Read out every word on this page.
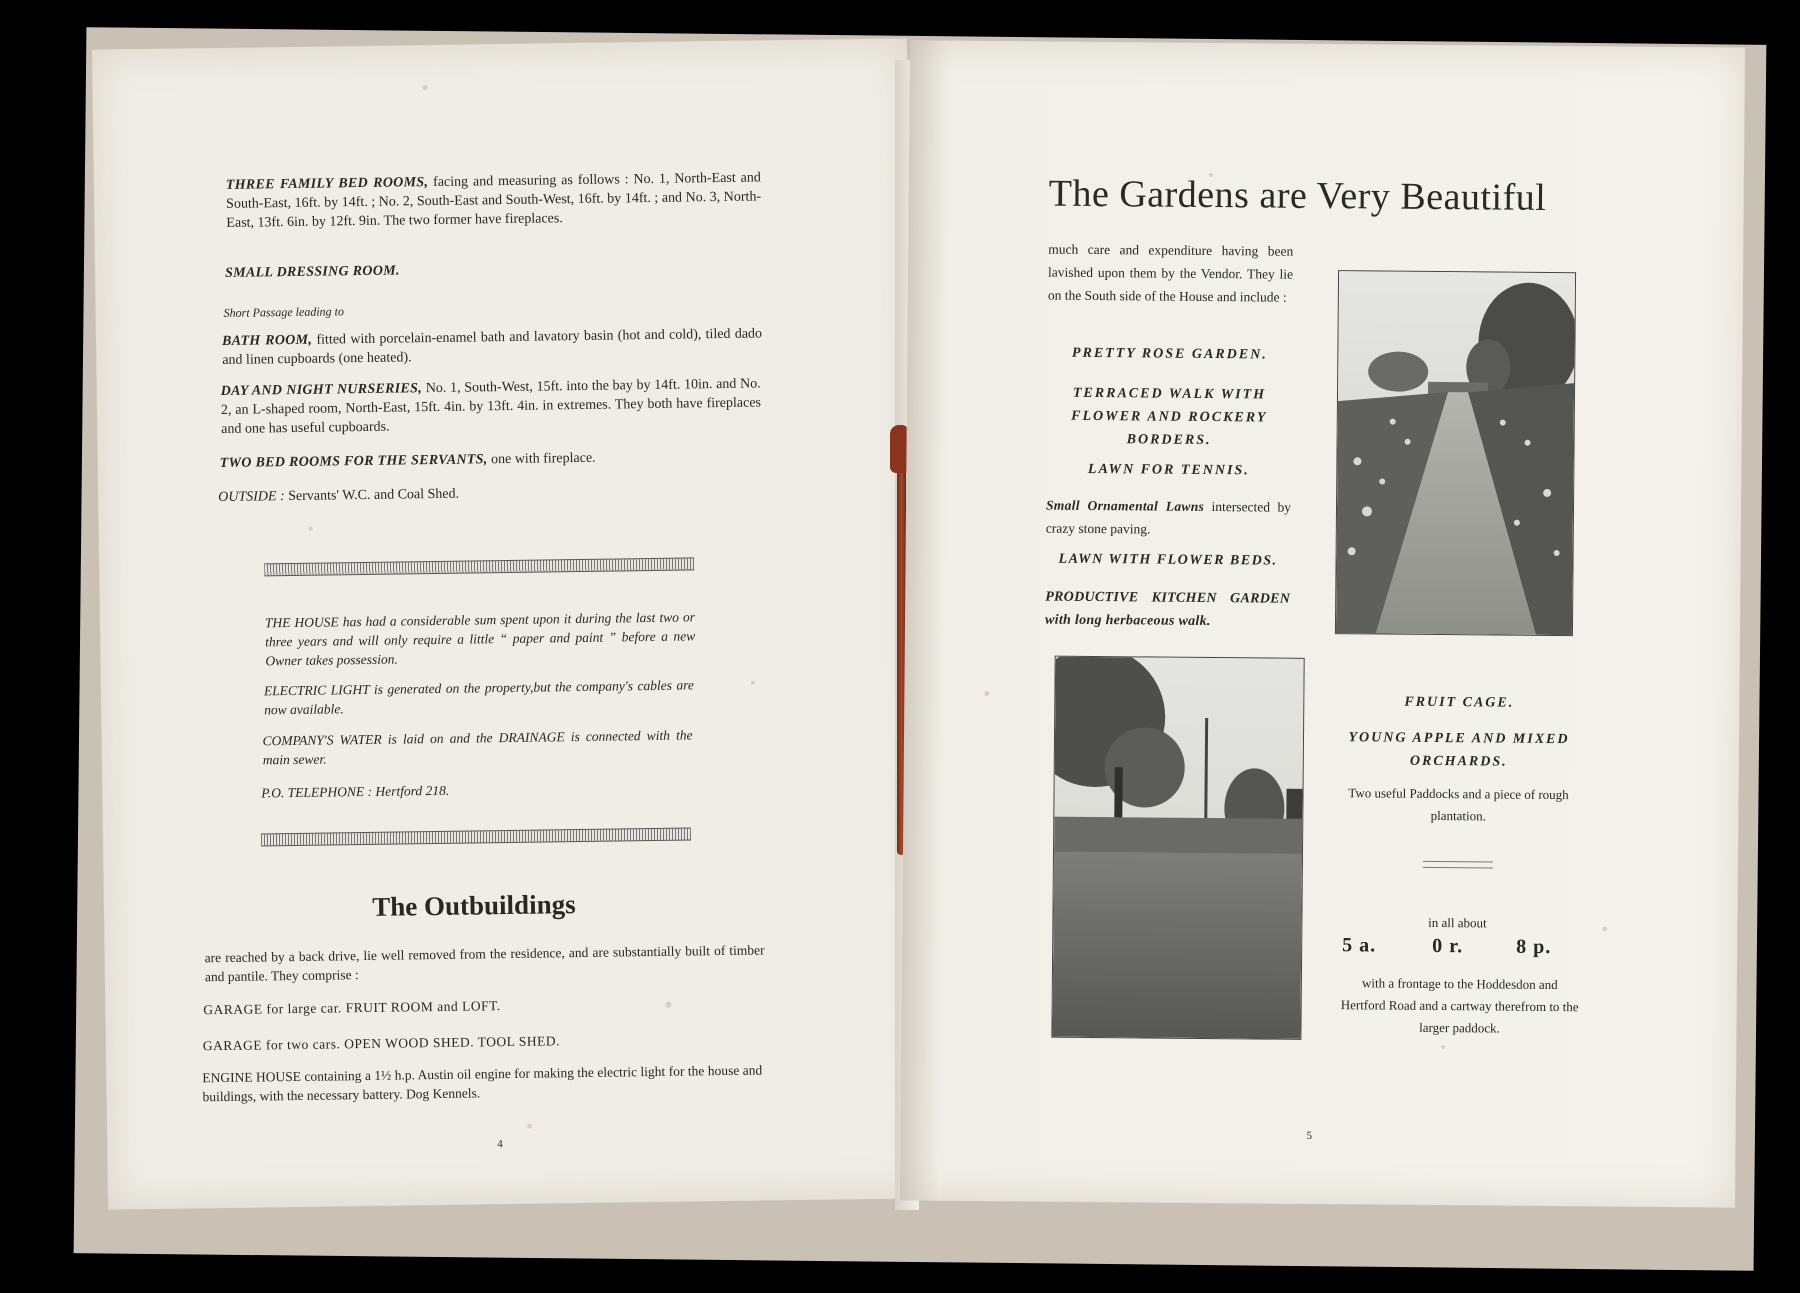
THREE FAMILY BED ROOMS, facing and measuring as follows : No. 1, North-East and South-East, 16ft. by 14ft. ; No. 2, South-East and South-West, 16ft. by 14ft. ; and No. 3, North-East, 13ft. 6in. by 12ft. 9in. The two former have fireplaces.

SMALL DRESSING ROOM.

Short Passage leading to

BATH ROOM, fitted with porcelain-enamel bath and lavatory basin (hot and cold), tiled dado and linen cupboards (one heated).

DAY AND NIGHT NURSERIES, No. 1, South-West, 15ft. into the bay by 14ft. 10in. and No. 2, an L-shaped room, North-East, 15ft. 4in. by 13ft. 4in. in extremes. They both have fireplaces and one has useful cupboards.

TWO BED ROOMS FOR THE SERVANTS, one with fireplace.

OUTSIDE : Servants' W.C. and Coal Shed.

THE HOUSE has had a considerable sum spent upon it during the last two or three years and will only require a little “ paper and paint ” before a new Owner takes possession.

ELECTRIC LIGHT is generated on the property,but the company's cables are now available.

COMPANY'S WATER is laid on and the DRAINAGE is connected with the main sewer.

P.O. TELEPHONE : Hertford 218.

The Outbuildings

are reached by a back drive, lie well removed from the residence, and are substantially built of timber and pantile. They comprise :

GARAGE for large car. FRUIT ROOM and LOFT.

GARAGE for two cars. OPEN WOOD SHED. TOOL SHED.

ENGINE HOUSE containing a 1½ h.p. Austin oil engine for making the electric light for the house and buildings, with the necessary battery. Dog Kennels.

4
The Gardens are Very Beautiful

much care and expenditure having been lavished upon them by the Vendor. They lie on the South side of the House and include :

PRETTY ROSE GARDEN.

TERRACED WALK WITH FLOWER AND ROCKERY BORDERS.

LAWN FOR TENNIS.

Small Ornamental Lawns intersected by crazy stone paving.

LAWN WITH FLOWER BEDS.

PRODUCTIVE KITCHEN GARDEN with long herbaceous walk.

FRUIT CAGE.

YOUNG APPLE AND MIXED ORCHARDS.

Two useful Paddocks and a piece of rough plantation.

in all about

5 a.	0 r.	8 p.

with a frontage to the Hoddesdon and Hertford Road and a cartway therefrom to the larger paddock.

5
